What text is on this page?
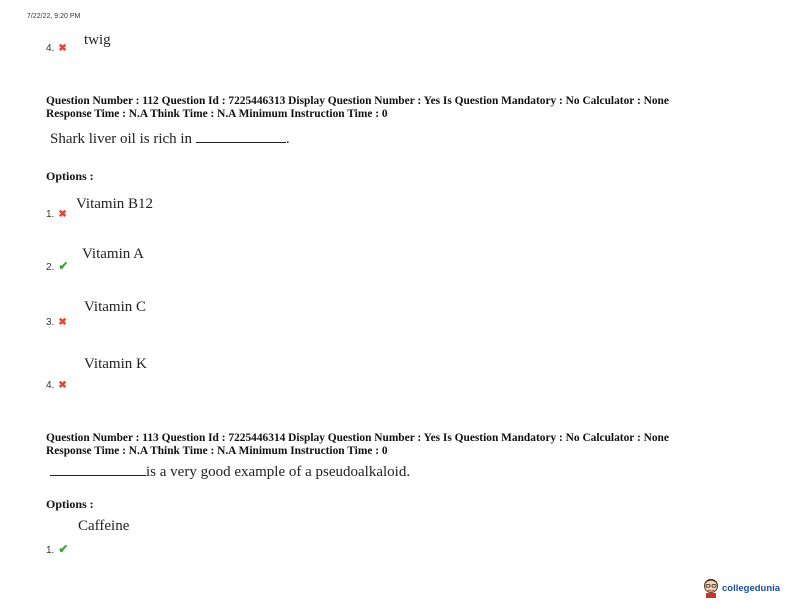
7/22/22, 9:20 PM
4. ✖
twig
Question Number : 112 Question Id : 7225446313 Display Question Number : Yes Is Question Mandatory : No Calculator : None
Response Time : N.A Think Time : N.A Minimum Instruction Time : 0
Shark liver oil is rich in	.
Options :
1. ✖
Vitamin B12
2. ✔
Vitamin A
3. ✖
Vitamin C
4. ✖
Vitamin K
Question Number : 113 Question Id : 7225446314 Display Question Number : Yes Is Question Mandatory : No Calculator : None
Response Time : N.A Think Time : N.A Minimum Instruction Time : 0
is a very good example of a pseudoalkaloid.
Options :
1. ✔
Caffeine
collegedunia
